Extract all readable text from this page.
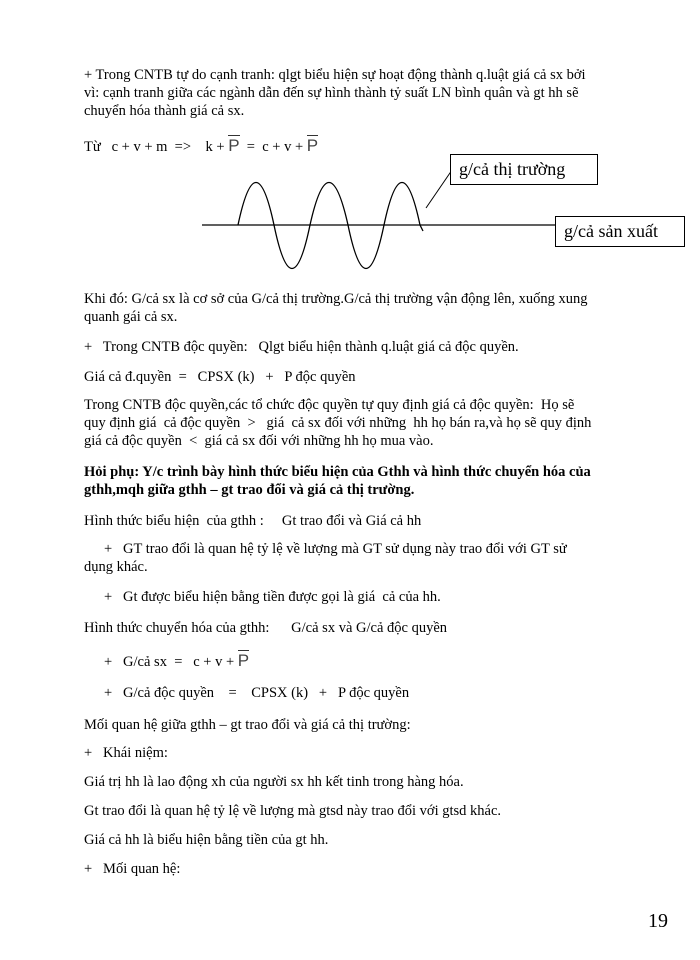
+ Trong CNTB tự do cạnh tranh: qlgt biểu hiện sự hoạt động thành q.luật giá cả sx bởi
vì: cạnh tranh giữa các ngành dẫn đến sự hình thành tỷ suất LN bình quân và gt hh sẽ
chuyển hóa thành giá cả sx.
Từ   c + v + m  =>    k + P  =  c + v + P
g/cả thị trường
g/cả sản xuất
Khi đó: G/cả sx là cơ sở của G/cả thị trường.G/cả thị trường vận động lên, xuống xung
quanh gái cả sx.
+   Trong CNTB độc quyền:   Qlgt biểu hiện thành q.luật giá cả độc quyền.
Giá cả đ.quyền  =   CPSX (k)   +   P độc quyền
Trong CNTB độc quyền,các tổ chức độc quyền tự quy định giá cả độc quyền:  Họ sẽ
quy định giá  cả độc quyền  >   giá  cả sx đối với những  hh họ bán ra,và họ sẽ quy định
giá cả độc quyền  <  giá cả sx đối với những hh họ mua vào.
Hỏi phụ: Y/c trình bày hình thức biểu hiện của Gthh và hình thức chuyển hóa của
gthh,mqh giữa gthh – gt trao đổi và giá cả thị trường.
Hình thức biểu hiện  của gthh :     Gt trao đổi và Giá cả hh
+   GT trao đổi là quan hệ tỷ lệ về lượng mà GT sử dụng này trao đổi với GT sử
dụng khác.
+   Gt được biểu hiện bằng tiền được gọi là giá  cả của hh.
Hình thức chuyển hóa của gthh:      G/cả sx và G/cả độc quyền
+   G/cả sx  =   c + v + P
+   G/cả độc quyền    =    CPSX (k)   +   P độc quyền
Mối quan hệ giữa gthh – gt trao đổi và giá cả thị trường:
+   Khái niệm:
Giá trị hh là lao động xh của người sx hh kết tinh trong hàng hóa.
Gt trao đổi là quan hệ tỷ lệ về lượng mà gtsd này trao đổi với gtsd khác.
Giá cả hh là biểu hiện bằng tiền của gt hh.
+   Mối quan hệ:
19
